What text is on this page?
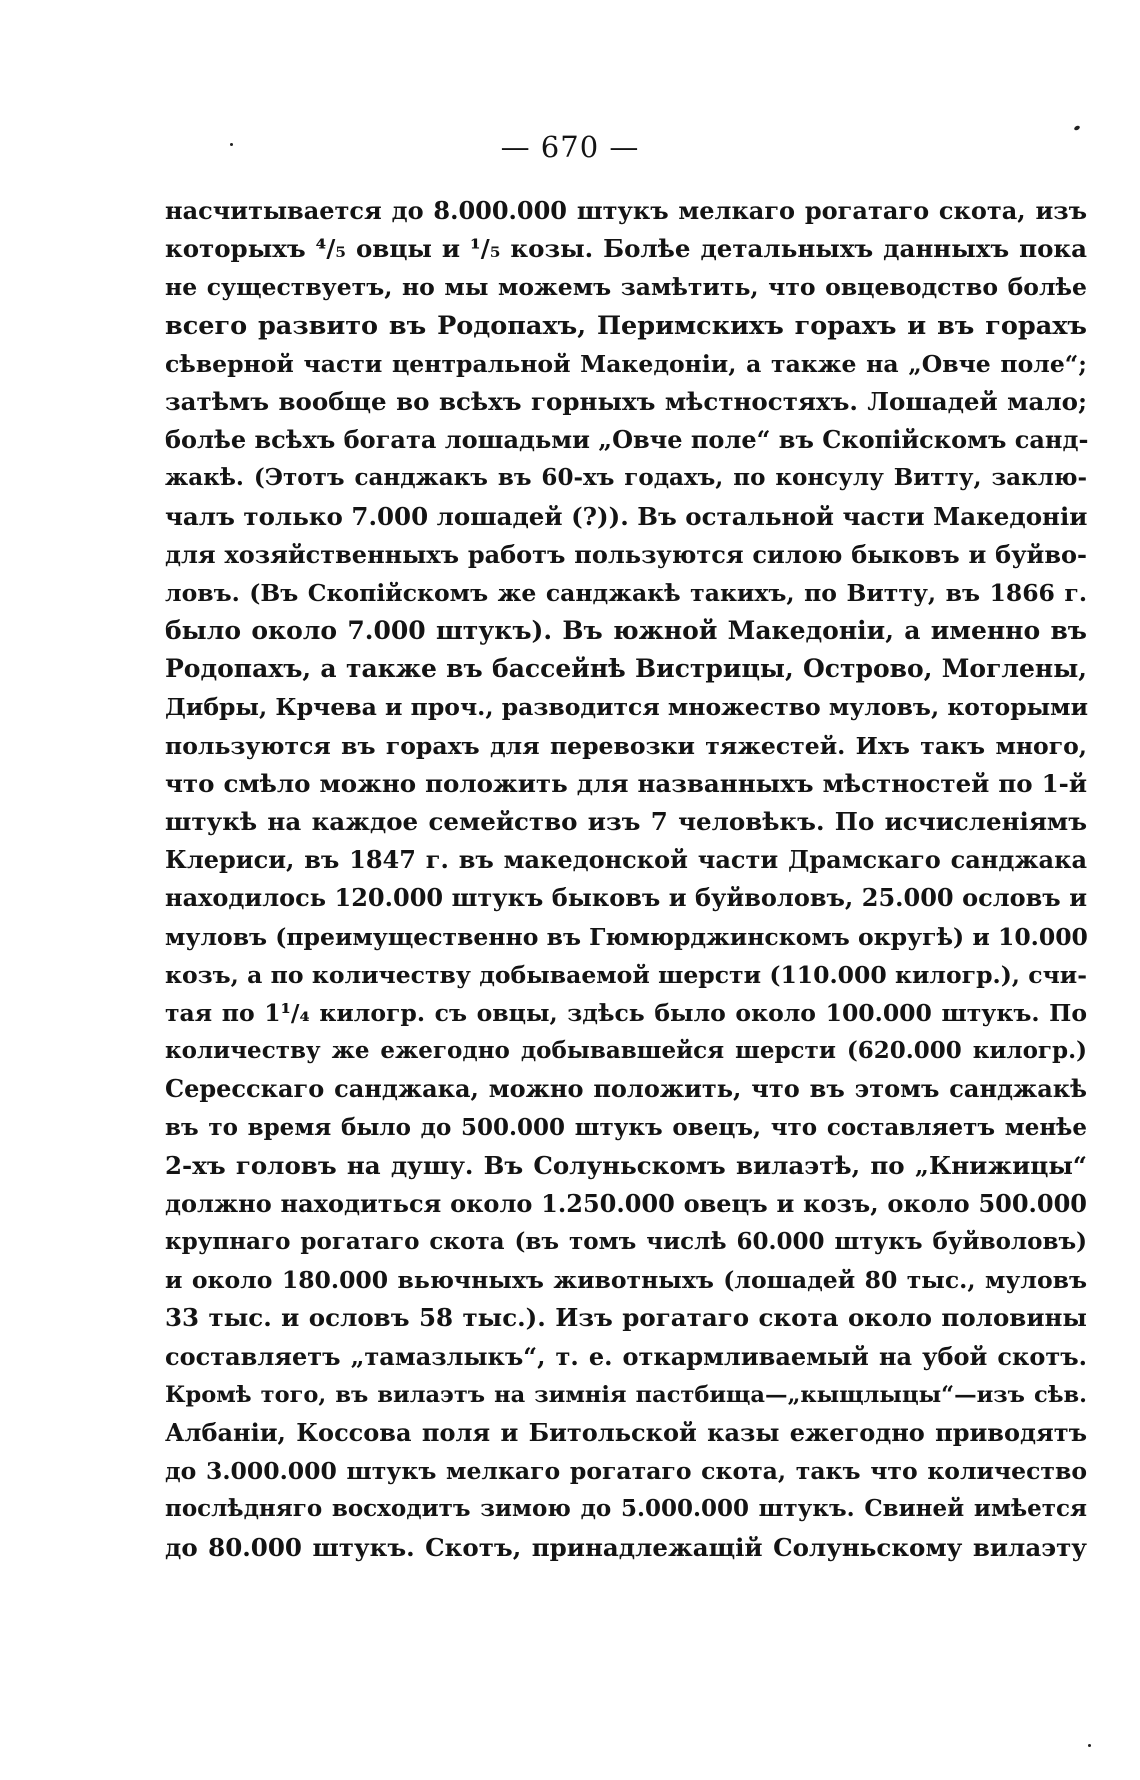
— 670 —
насчитывается до 8.000.000 штукъ мелкаго рогатаго скота, изъ
которыхъ ⁴/₅ овцы и ¹/₅ козы. Болѣе детальныхъ данныхъ пока
не существуетъ, но мы можемъ замѣтить, что овцеводство болѣе
всего развито въ Родопахъ, Перимскихъ горахъ и въ горахъ
сѣверной части центральной Македоніи, а также на „Овче поле“;
затѣмъ вообще во всѣхъ горныхъ мѣстностяхъ. Лошадей мало;
болѣе всѣхъ богата лошадьми „Овче поле“ въ Скопійскомъ санд-
жакѣ. (Этотъ санджакъ въ 60-хъ годахъ, по консулу Витту, заклю-
чалъ только 7.000 лошадей (?)). Въ остальной части Македоніи
для хозяйственныхъ работъ пользуются силою быковъ и буйво-
ловъ. (Въ Скопійскомъ же санджакѣ такихъ, по Витту, въ 1866 г.
было около 7.000 штукъ). Въ южной Македоніи, а именно въ
Родопахъ, а также въ бассейнѣ Вистрицы, Острово, Моглены,
Дибры, Крчева и проч., разводится множество муловъ, которыми
пользуются въ горахъ для перевозки тяжестей. Ихъ такъ много,
что смѣло можно положить для названныхъ мѣстностей по 1-й
штукѣ на каждое семейство изъ 7 человѣкъ. По исчисленіямъ
Клериси, въ 1847 г. въ македонской части Драмскаго санджака
находилось 120.000 штукъ быковъ и буйволовъ, 25.000 ословъ и
муловъ (преимущественно въ Гюмюрджинскомъ округѣ) и 10.000
козъ, а по количеству добываемой шерсти (110.000 килогр.), счи-
тая по 1¹/₄ килогр. съ овцы, здѣсь было около 100.000 штукъ. По
количеству же ежегодно добывавшейся шерсти (620.000 килогр.)
Сересскаго санджака, можно положить, что въ этомъ санджакѣ
въ то время было до 500.000 штукъ овецъ, что составляетъ менѣе
2-хъ головъ на душу. Въ Солуньскомъ вилаэтѣ, по „Книжицы“
должно находиться около 1.250.000 овецъ и козъ, около 500.000
крупнаго рогатаго скота (въ томъ числѣ 60.000 штукъ буйволовъ)
и около 180.000 вьючныхъ животныхъ (лошадей 80 тыс., муловъ
33 тыс. и ословъ 58 тыс.). Изъ рогатаго скота около половины
составляетъ „тамазлыкъ“, т. е. откармливаемый на убой скотъ.
Кромѣ того, въ вилаэтъ на зимнія пастбища—„кыщлыцы“—изъ сѣв.
Албаніи, Коссова поля и Битольской казы ежегодно приводятъ
до 3.000.000 штукъ мелкаго рогатаго скота, такъ что количество
послѣдняго восходитъ зимою до 5.000.000 штукъ. Свиней имѣется
до 80.000 штукъ. Скотъ, принадлежащій Солуньскому вилаэту
